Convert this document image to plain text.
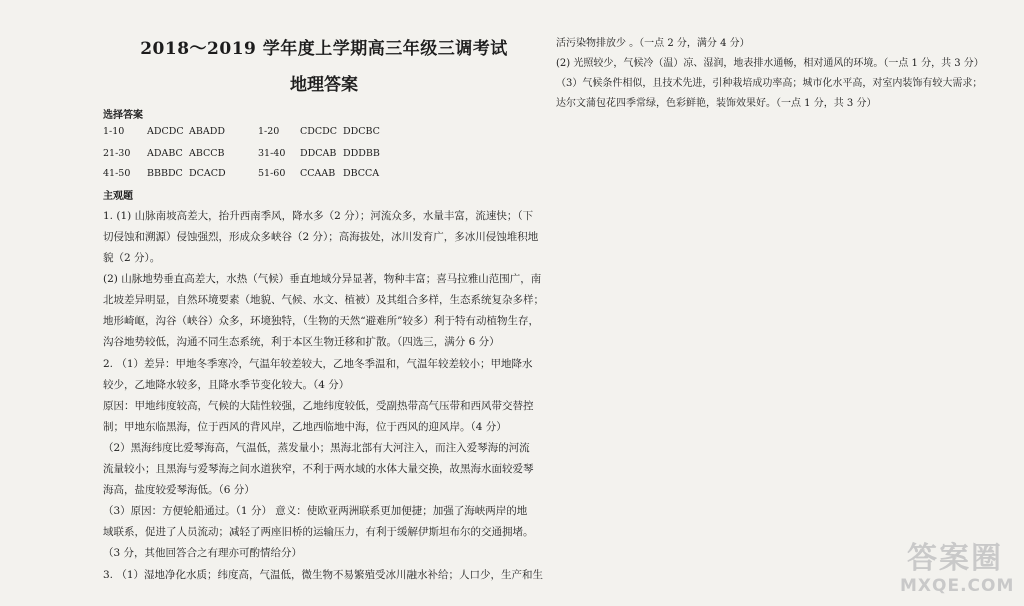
2018～2019 学年度上学期高三年级三调考试
地理答案
选择答案
1-10 ADCDC ABADD	1-20 CDCDC DDCBC
21-30 ADABC ABCCB	31-40 DDCAB DDDBB
41-50 BBBDC DCACD	51-60 CCAAB DBCCA
主观题
1. (1) 山脉南坡高差大，抬升西南季风，降水多（2 分）；河流众多，水量丰富，流速快；（下
切侵蚀和溯源）侵蚀强烈，形成众多峡谷（2 分）；高海拔处，冰川发育广，多冰川侵蚀堆积地
貌（2 分）。
(2) 山脉地势垂直高差大，水热（气候）垂直地域分异显著，物种丰富；喜马拉雅山范围广，南
北坡差异明显，自然环境要素（地貌、气候、水文、植被）及其组合多样，生态系统复杂多样；
地形崎岖，沟谷（峡谷）众多，环境独特，（生物的天然“避难所”较多）利于特有动植物生存，
沟谷地势较低，沟通不同生态系统，利于本区生物迁移和扩散。（四选三，满分 6 分）
2. （1）差异：甲地冬季寒冷，气温年较差较大，乙地冬季温和，气温年较差较小；甲地降水
较少，乙地降水较多，且降水季节变化较大。（4 分）
原因：甲地纬度较高，气候的大陆性较强，乙地纬度较低，受副热带高气压带和西风带交替控
制；甲地东临黑海，位于西风的背风岸，乙地西临地中海，位于西风的迎风岸。（4 分）
（2）黑海纬度比爱琴海高，气温低，蒸发量小；黑海北部有大河注入，而注入爱琴海的河流
流量较小；且黑海与爱琴海之间水道狭窄，不利于两水域的水体大量交换，故黑海水面较爱琴
海高，盐度较爱琴海低。（6 分）
（3）原因：方便轮船通过。（1 分） 意义：使欧亚两洲联系更加便捷；加强了海峡两岸的地
域联系，促进了人员流动；减轻了两座旧桥的运输压力，有利于缓解伊斯坦布尔的交通拥堵。
（3 分，其他回答合之有理亦可酌情给分）
3. （1）湿地净化水质；纬度高，气温低，微生物不易繁殖受冰川融水补给；人口少，生产和生
活污染物排放少 。（一点 2 分，满分 4 分）
(2) 光照较少，气候冷（温）凉、湿润，地表排水通畅，相对通风的环境。（一点 1 分，共 3 分）
（3）气候条件相似，且技术先进，引种栽培成功率高；城市化水平高，对室内装饰有较大需求；
达尔文蒲包花四季常绿，色彩鲜艳，装饰效果好。（一点 1 分，共 3 分）
答案圈
MXQE.COM
